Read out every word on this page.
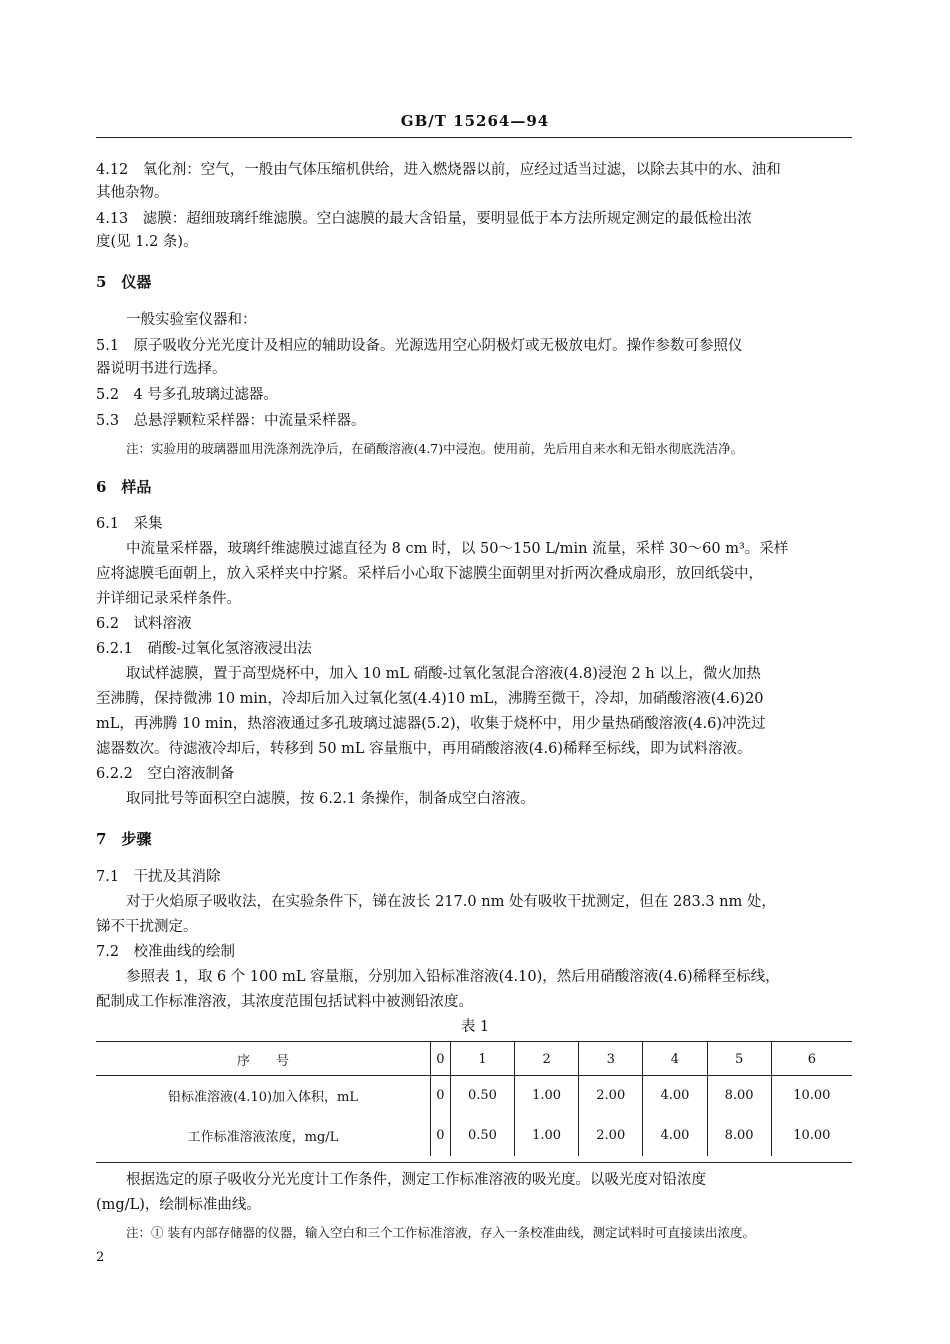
GB/T 15264—94
4.12　氧化剂：空气，一般由气体压缩机供给，进入燃烧器以前，应经过适当过滤，以除去其中的水、油和
其他杂物。
4.13　滤膜：超细玻璃纤维滤膜。空白滤膜的最大含铅量，要明显低于本方法所规定测定的最低检出浓
度(见 1.2 条)。
5　仪器
一般实验室仪器和：
5.1　原子吸收分光光度计及相应的辅助设备。光源选用空心阴极灯或无极放电灯。操作参数可参照仪
器说明书进行选择。
5.2　4 号多孔玻璃过滤器。
5.3　总悬浮颗粒采样器：中流量采样器。
注：实验用的玻璃器皿用洗涤剂洗净后，在硝酸溶液(4.7)中浸泡。使用前，先后用自来水和无铅水彻底洗洁净。
6　样品
6.1　采集
中流量采样器，玻璃纤维滤膜过滤直径为 8 cm 时，以 50～150 L/min 流量，采样 30～60 m³。采样
应将滤膜毛面朝上，放入采样夹中拧紧。采样后小心取下滤膜尘面朝里对折两次叠成扇形，放回纸袋中，
并详细记录采样条件。
6.2　试料溶液
6.2.1　硝酸-过氧化氢溶液浸出法
取试样滤膜，置于高型烧杯中，加入 10 mL 硝酸-过氧化氢混合溶液(4.8)浸泡 2 h 以上，微火加热
至沸腾，保持微沸 10 min，冷却后加入过氧化氢(4.4)10 mL，沸腾至微干，冷却，加硝酸溶液(4.6)20
mL，再沸腾 10 min，热溶液通过多孔玻璃过滤器(5.2)，收集于烧杯中，用少量热硝酸溶液(4.6)冲洗过
滤器数次。待滤液冷却后，转移到 50 mL 容量瓶中，再用硝酸溶液(4.6)稀释至标线，即为试料溶液。
6.2.2　空白溶液制备
取同批号等面积空白滤膜，按 6.2.1 条操作，制备成空白溶液。
7　步骤
7.1　干扰及其消除
对于火焰原子吸收法，在实验条件下，锑在波长 217.0 nm 处有吸收干扰测定，但在 283.3 nm 处，
锑不干扰测定。
7.2　校准曲线的绘制
参照表 1，取 6 个 100 mL 容量瓶，分别加入铅标准溶液(4.10)，然后用硝酸溶液(4.6)稀释至标线，
配制成工作标准溶液，其浓度范围包括试料中被测铅浓度。
表 1
序　　号	0	1	2	3	4	5	6
铅标准溶液(4.10)加入体积，mL	0	0.50	1.00	2.00	4.00	8.00	10.00
工作标准溶液浓度，mg/L	0	0.50	1.00	2.00	4.00	8.00	10.00
根据选定的原子吸收分光光度计工作条件，测定工作标准溶液的吸光度。以吸光度对铅浓度
(mg/L)，绘制标准曲线。
注：① 装有内部存储器的仪器，输入空白和三个工作标准溶液，存入一条校准曲线，测定试料时可直接读出浓度。
2
